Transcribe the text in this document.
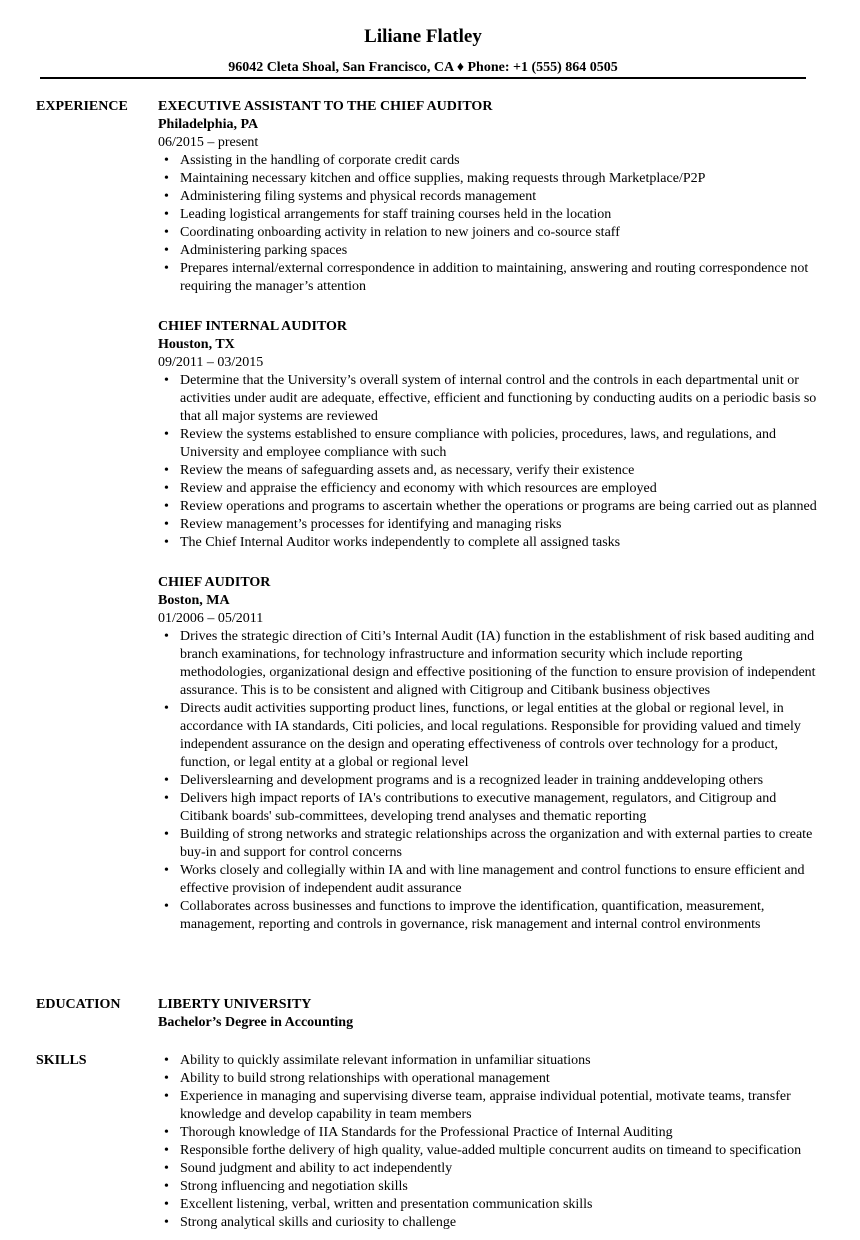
Liliane Flatley
96042 Cleta Shoal, San Francisco, CA ♦ Phone: +1 (555) 864 0505
EXPERIENCE EXECUTIVE ASSISTANT TO THE CHIEF AUDITOR
Philadelphia, PA
06/2015 – present
• Assisting in the handling of corporate credit cards
• Maintaining necessary kitchen and office supplies, making requests through Marketplace/P2P
• Administering filing systems and physical records management
• Leading logistical arrangements for staff training courses held in the location
• Coordinating onboarding activity in relation to new joiners and co-source staff
• Administering parking spaces
• Prepares internal/external correspondence in addition to maintaining, answering and routing correspondence not requiring the manager’s attention
CHIEF INTERNAL AUDITOR
Houston, TX
09/2011 – 03/2015
• Determine that the University’s overall system of internal control and the controls in each departmental unit or activities under audit are adequate, effective, efficient and functioning by conducting audits on a periodic basis so that all major systems are reviewed
• Review the systems established to ensure compliance with policies, procedures, laws, and regulations, and University and employee compliance with such
• Review the means of safeguarding assets and, as necessary, verify their existence
• Review and appraise the efficiency and economy with which resources are employed
• Review operations and programs to ascertain whether the operations or programs are being carried out as planned
• Review management’s processes for identifying and managing risks
• The Chief Internal Auditor works independently to complete all assigned tasks
CHIEF AUDITOR
Boston, MA
01/2006 – 05/2011
• Drives the strategic direction of Citi’s Internal Audit (IA) function in the establishment of risk based auditing and branch examinations, for technology infrastructure and information security which include reporting methodologies, organizational design and effective positioning of the function to ensure provision of independent assurance. This is to be consistent and aligned with Citigroup and Citibank business objectives
• Directs audit activities supporting product lines, functions, or legal entities at the global or regional level, in accordance with IA standards, Citi policies, and local regulations. Responsible for providing valued and timely independent assurance on the design and operating effectiveness of controls over technology for a product, function, or legal entity at a global or regional level
• Deliverslearning and development programs and is a recognized leader in training anddeveloping others
• Delivers high impact reports of IA's contributions to executive management, regulators, and Citigroup and Citibank boards' sub-committees, developing trend analyses and thematic reporting
• Building of strong networks and strategic relationships across the organization and with external parties to create buy-in and support for control concerns
• Works closely and collegially within IA and with line management and control functions to ensure efficient and effective provision of independent audit assurance
• Collaborates across businesses and functions to improve the identification, quantification, measurement, management, reporting and controls in governance, risk management and internal control environments
EDUCATION	LIBERTY UNIVERSITY
Bachelor’s Degree in Accounting
SKILLS
•	Ability to quickly assimilate relevant information in unfamiliar situations
• Ability to build strong relationships with operational management
• Experience in managing and supervising diverse team, appraise individual potential, motivate teams, transfer knowledge and develop capability in team members
• Thorough knowledge of IIA Standards for the Professional Practice of Internal Auditing
• Responsible forthe delivery of high quality, value-added multiple concurrent audits on timeand to specification
• Sound judgment and ability to act independently
• Strong influencing and negotiation skills
• Excellent listening, verbal, written and presentation communication skills
• Strong analytical skills and curiosity to challenge
